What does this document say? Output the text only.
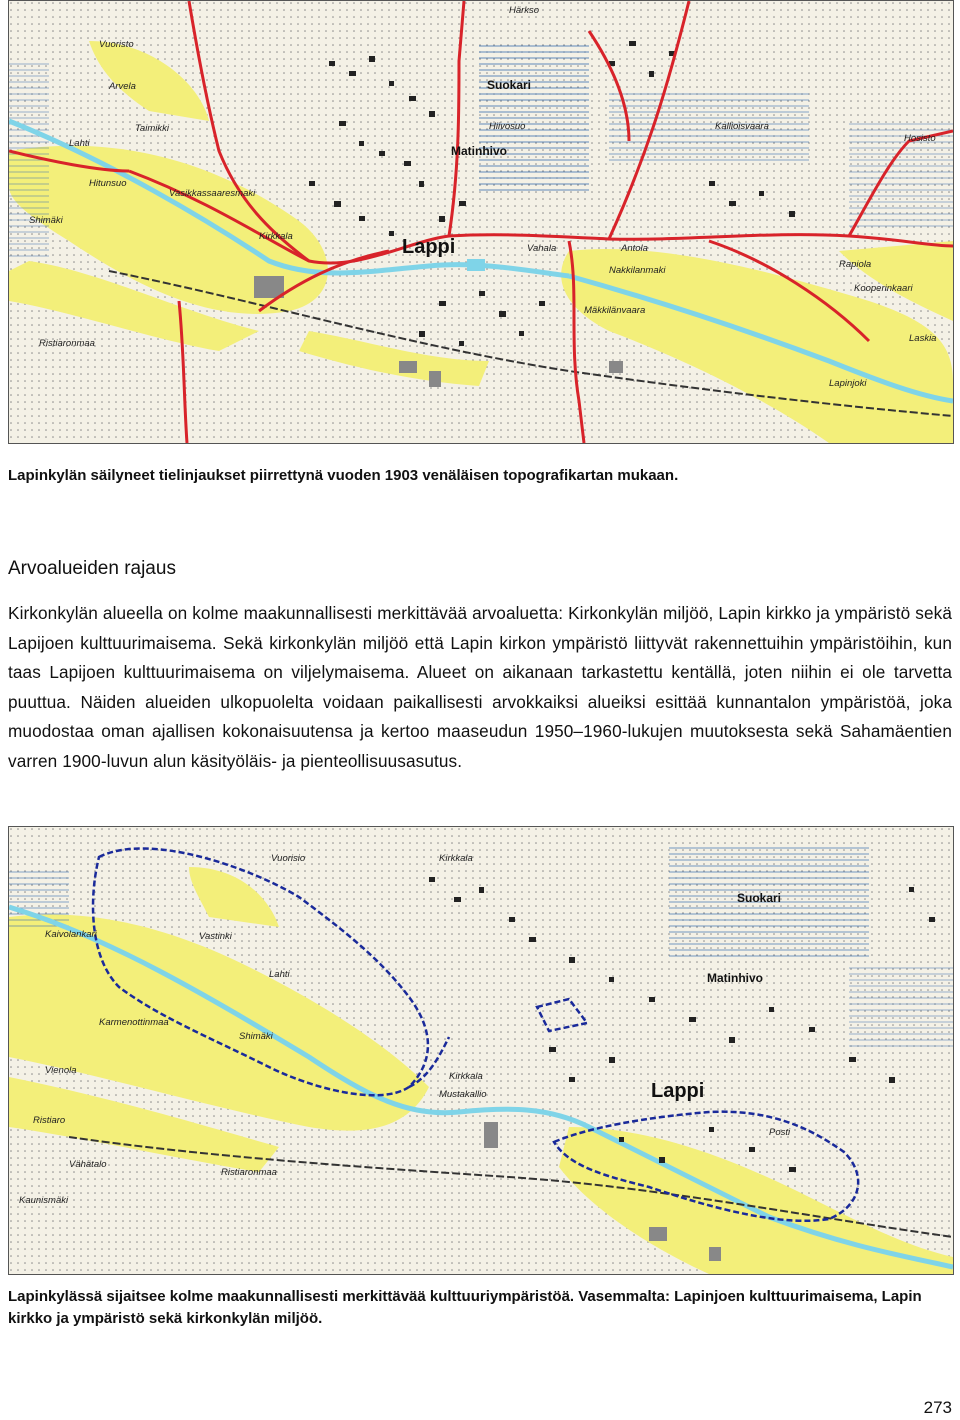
Härkso
Vuoristo
Suokari
Arvela
Hiivosuo	Kallioisvaara
Taimikki
Matinhivo
Hosisto
Lahti
Hitunsuo
Vasikkassaaresmaki
Shimäki
Kirkkala	Lappi	Vahala	Antola
Nakkilanmaki
Rapiola
Kooperinkaari
Laskia
Ristiaronmaa
Lapinjoki
Mäkkilänvaara
Lapinkylän säilyneet tielinjaukset piirrettynä vuoden 1903 venäläisen topografikartan mukaan.
Arvoalueiden rajaus

Kirkonkylän alueella on kolme maakunnallisesti merkittävää arvoaluetta: Kirkonkylän miljöö, Lapin kirkko ja ympäristö sekä Lapijoen kulttuurimaisema. Sekä kirkonkylän miljöö että Lapin kirkon ympäristö liittyvät rakennettuihin ympäristöihin, kun taas Lapijoen kulttuurimaisema on viljelymaisema. Alueet on aikanaan tarkastettu kentällä, joten niihin ei ole tarvetta puuttua. Näiden alueiden ulkopuolelta voidaan paikallisesti arvokkaiksi alueiksi esittää kunnantalon ympäristöä, joka muodostaa oman ajallisen kokonaisuutensa ja kertoo maaseudun 1950–1960-lukujen muutoksesta sekä Sahamäentien varren 1900-luvun alun käsityöläis- ja pienteollisuusasutus.

Vuorisio	Kirkkala
Suokari
Kaivolankari	Vastinki
Lahti	Matinhivo
Karmenottinmaa
Shimäki
Vienola
Kirkkala
Mustakallio
Ristiaro
Vähätalo
Ristiaronmaa
Kaunismäki
Posti
Lappi
Lapinkylässä sijaitsee kolme maakunnallisesti merkittävää kulttuuriympäristöä. Vasemmalta: Lapinjoen kulttuurimaisema, Lapin kirkko ja ympäristö sekä kirkonkylän miljöö.
273
